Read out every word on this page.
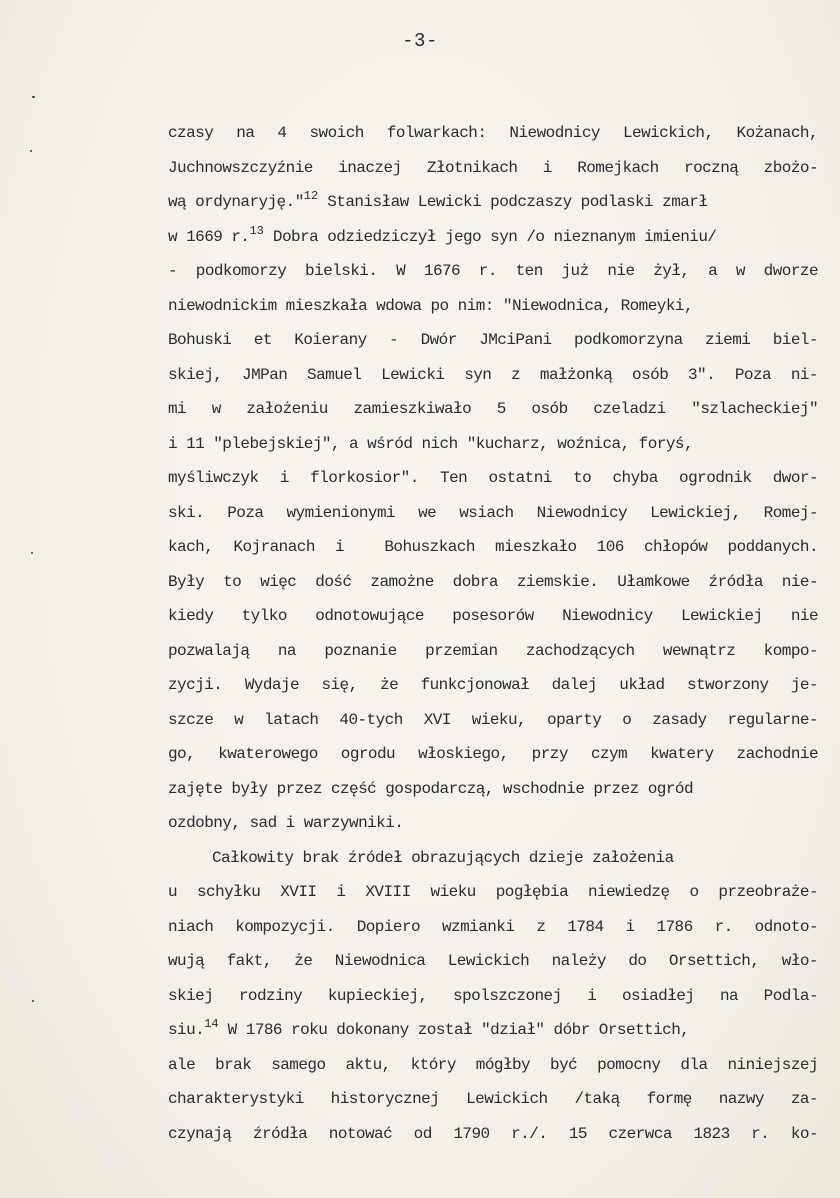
-3-
czasy na 4 swoich folwarkach: Niewodnicy Lewickich, Kożanach,
Juchnowszczyźnie inaczej Złotnikach i Romejkach roczną zbożo-
wą ordynaryję."$^{12}$ Stanisław Lewicki podczaszy podlaski zmarł
w 1669 r.$^{13}$ Dobra odziedziczył jego syn /o nieznanym imieniu/
- podkomorzy bielski. W 1676 r. ten już nie żył, a w dworze
niewodnickim mieszkała wdowa po nim: "Niewodnica, Romeyki,
Bohuski et Koierany - Dwór JMciPani podkomorzyna ziemi biel-
skiej, JMPan Samuel Lewicki syn z małżonką osób 3". Poza ni-
mi w założeniu zamieszkiwało 5 osób czeladzi "szlacheckiej"
i 11 "plebejskiej", a wśród nich "kucharz, woźnica, foryś,
myśliwczyk i florkosior". Ten ostatni to chyba ogrodnik dwor-
ski. Poza wymienionymi we wsiach Niewodnicy Lewickiej, Romej-
kach, Kojranach i  Bohuszkach mieszkało 106 chłopów poddanych.
Były to więc dość zamożne dobra ziemskie. Ułamkowe źródła nie-
kiedy tylko odnotowujące posesorów Niewodnicy Lewickiej nie
pozwalają na poznanie przemian zachodzących wewnątrz kompo-
zycji. Wydaje się, że funkcjonował dalej układ stworzony je-
szcze w latach 40-tych XVI wieku, oparty o zasady regularne-
go, kwaterowego ogrodu włoskiego, przy czym kwatery zachodnie
zajęte były przez część gospodarczą, wschodnie przez ogród
ozdobny, sad i warzywniki.
Całkowity brak źródeł obrazujących dzieje założenia
u schyłku XVII i XVIII wieku pogłębia niewiedzę o przeobraże-
niach kompozycji. Dopiero wzmianki z 1784 i 1786 r. odnoto-
wują fakt, że Niewodnica Lewickich należy do Orsettich, wło-
skiej rodziny kupieckiej, spolszczonej i osiadłej na Podla-
siu.$^{14}$ W 1786 roku dokonany został "dział" dóbr Orsettich,
ale brak samego aktu, który mógłby być pomocny dla niniejszej
charakterystyki historycznej Lewickich /taką formę nazwy za-
czynają źródła notować od 1790 r./. 15 czerwca 1823 r. ko-
